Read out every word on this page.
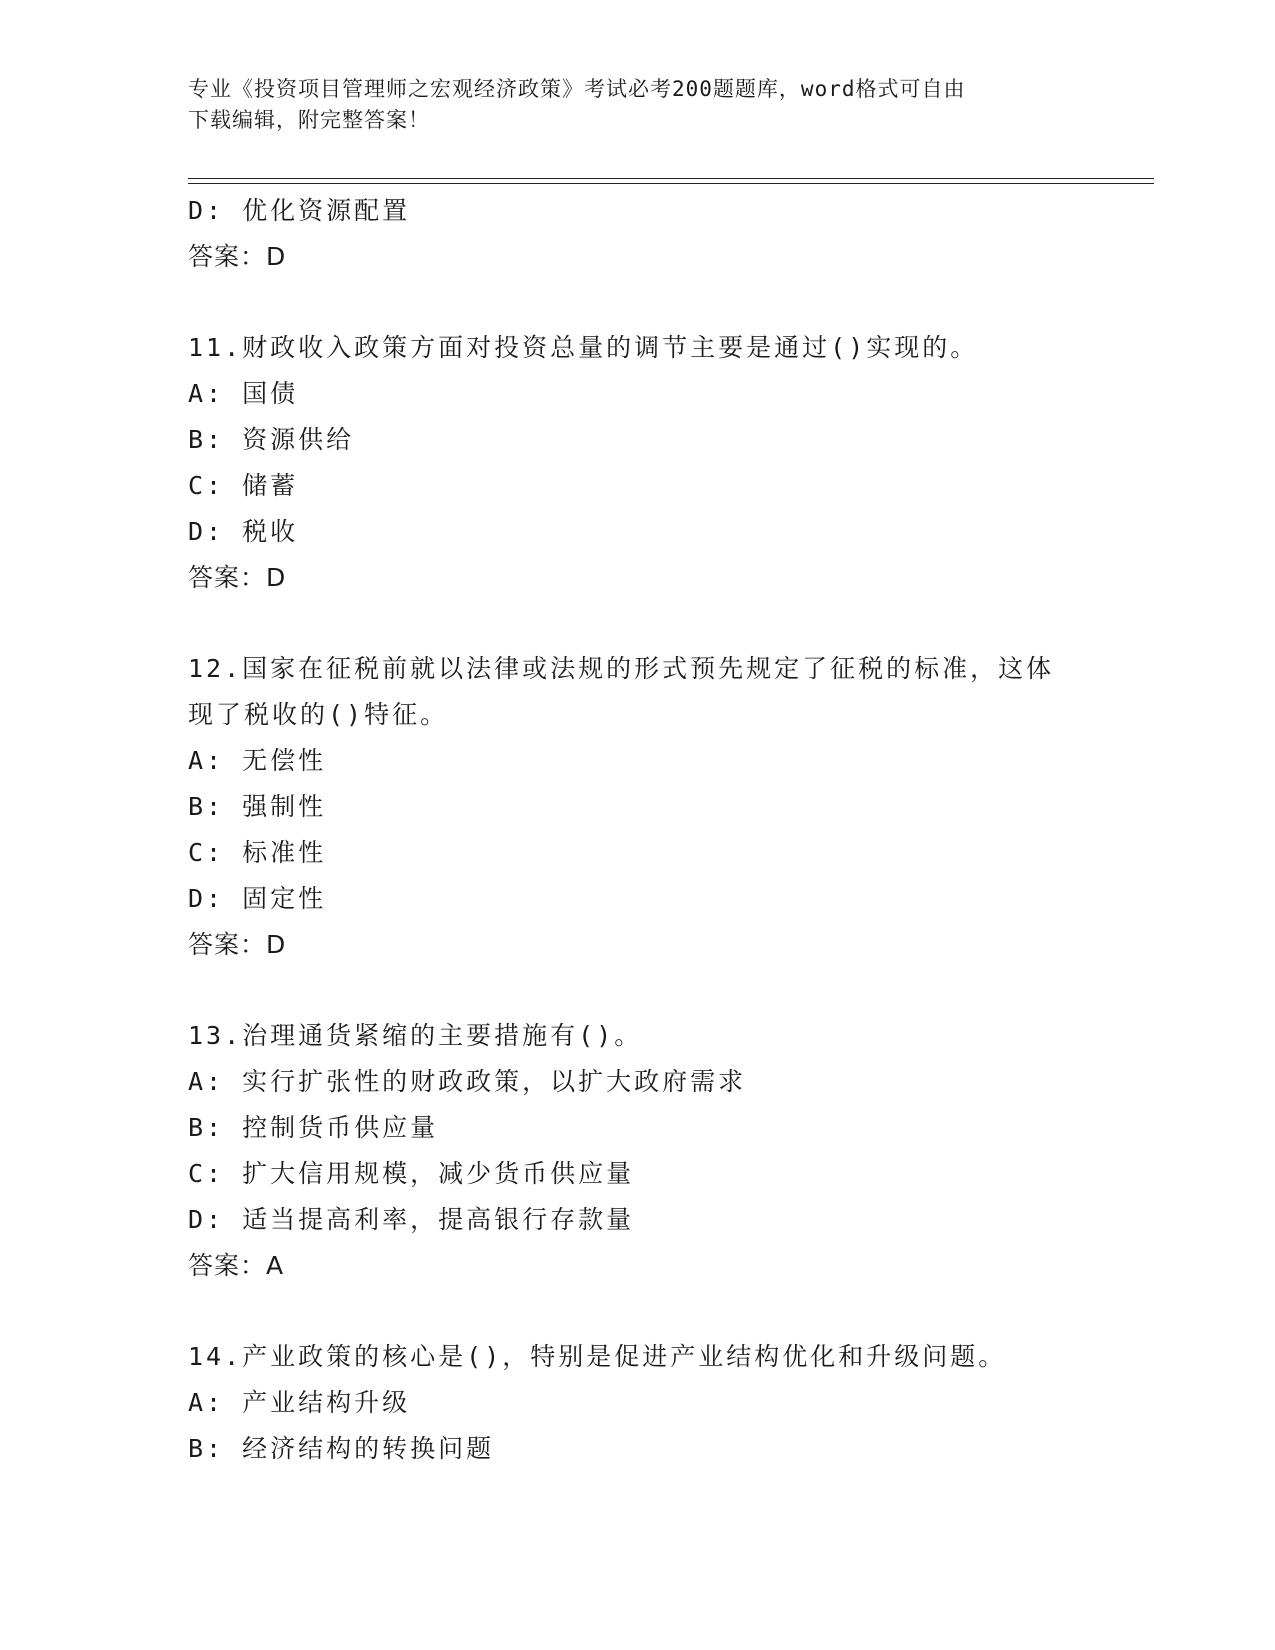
专业《投资项目管理师之宏观经济政策》考试必考200题题库，word格式可自由
下载编辑，附完整答案！
D: 优化资源配置
答案：D
11.财政收入政策方面对投资总量的调节主要是通过()实现的。
A: 国债
B: 资源供给
C: 储蓄
D: 税收
答案：D
12.国家在征税前就以法律或法规的形式预先规定了征税的标准，这体
现了税收的()特征。
A: 无偿性
B: 强制性
C: 标准性
D: 固定性
答案：D
13.治理通货紧缩的主要措施有()。
A: 实行扩张性的财政政策，以扩大政府需求
B: 控制货币供应量
C: 扩大信用规模，减少货币供应量
D: 适当提高利率，提高银行存款量
答案：A
14.产业政策的核心是()，特别是促进产业结构优化和升级问题。
A: 产业结构升级
B: 经济结构的转换问题
